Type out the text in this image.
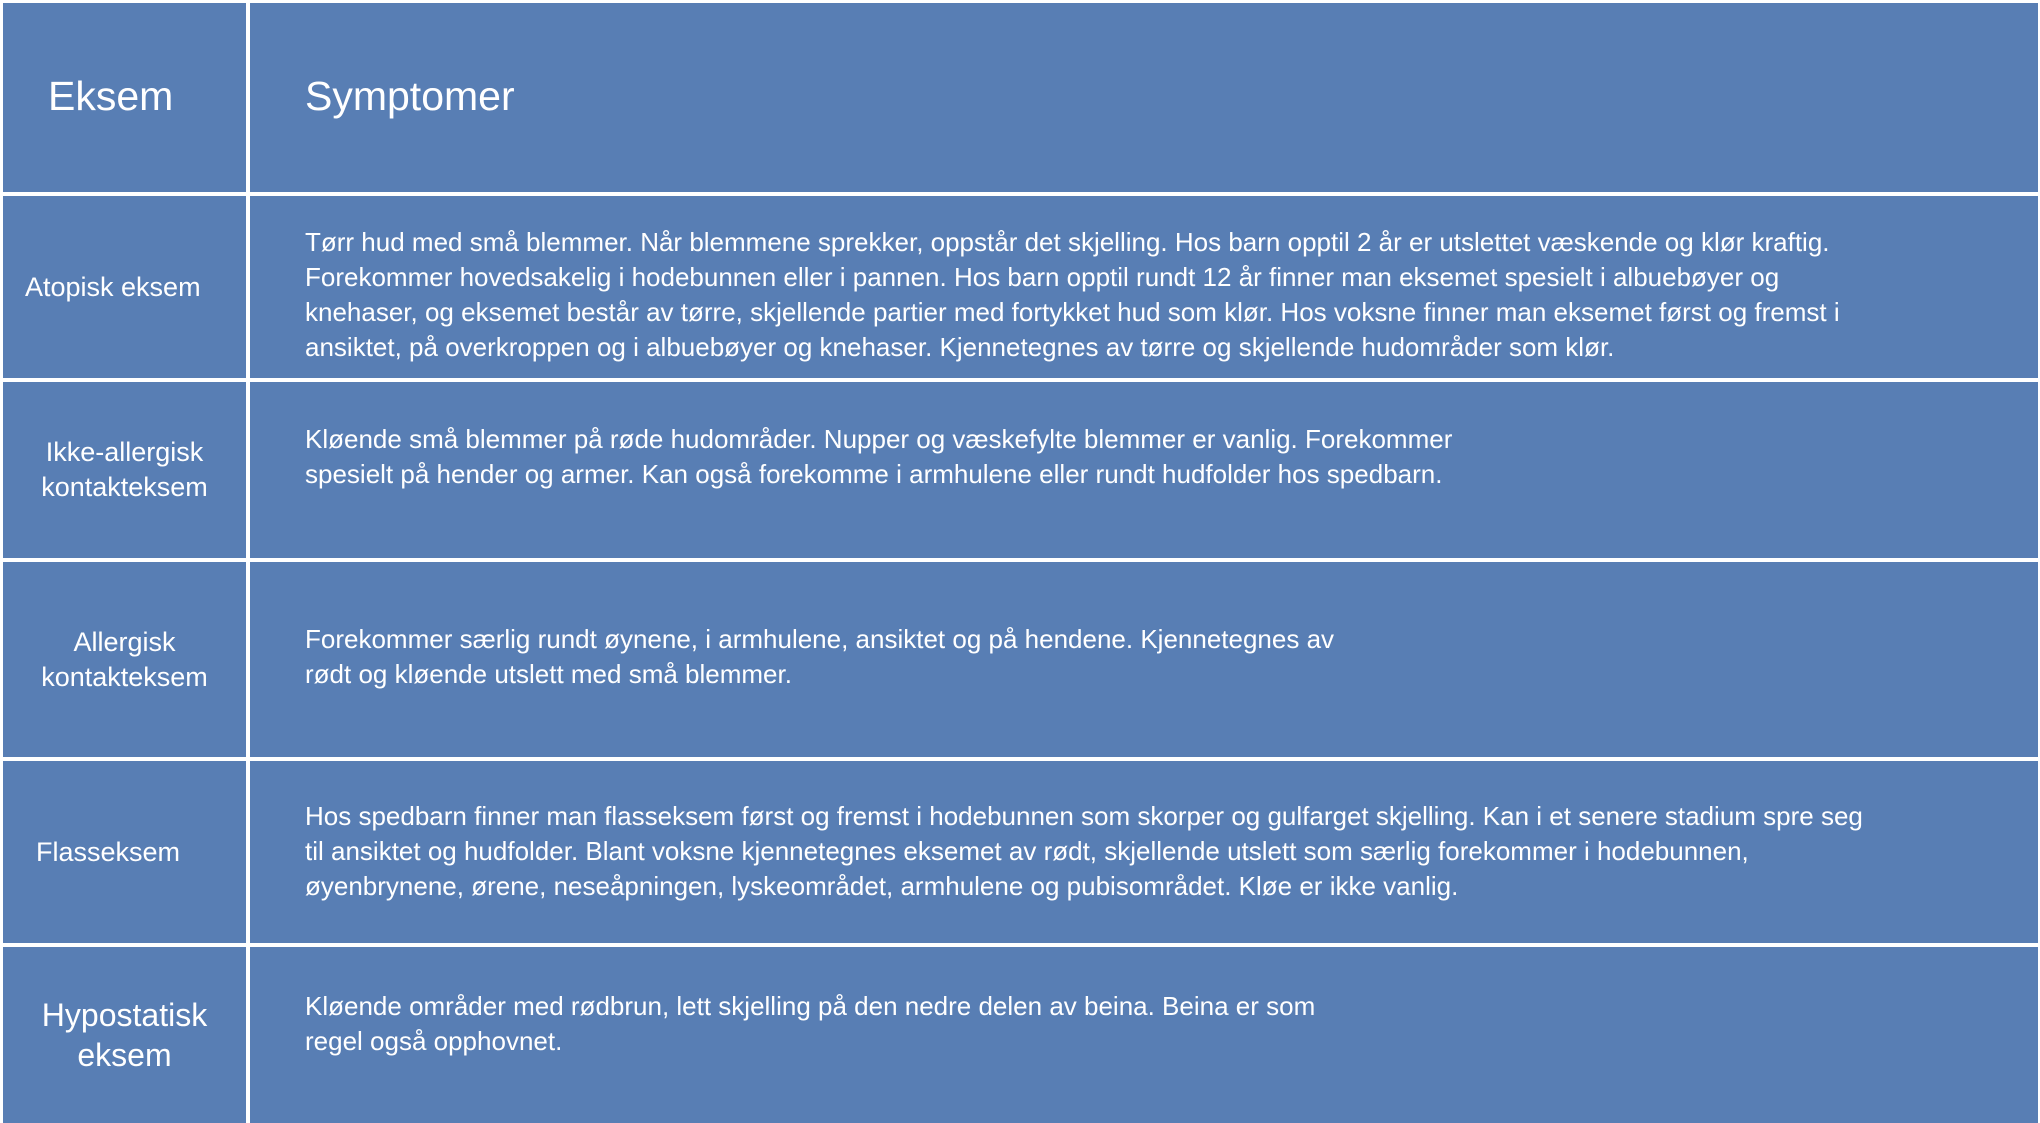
Eksem	Symptomer
Atopisk eksem
Tørr hud med små blemmer. Når blemmene sprekker, oppstår det skjelling. Hos barn opptil 2 år er utslettet væskende og klør kraftig.
Forekommer hovedsakelig i hodebunnen eller i pannen. Hos barn opptil rundt 12 år finner man eksemet spesielt i albuebøyer og
knehaser, og eksemet består av tørre, skjellende partier med fortykket hud som klør. Hos voksne finner man eksemet først og fremst i
ansiktet, på overkroppen og i albuebøyer og knehaser. Kjennetegnes av tørre og skjellende hudområder som klør.
Ikke-allergisk
kontakteksem
Kløende små blemmer på røde hudområder. Nupper og væskefylte blemmer er vanlig. Forekommer
spesielt på hender og armer. Kan også forekomme i armhulene eller rundt hudfolder hos spedbarn.
Allergisk
kontakteksem
Forekommer særlig rundt øynene, i armhulene, ansiktet og på hendene. Kjennetegnes av
rødt og kløende utslett med små blemmer.
Flasseksem
Hos spedbarn finner man flasseksem først og fremst i hodebunnen som skorper og gulfarget skjelling. Kan i et senere stadium spre seg
til ansiktet og hudfolder. Blant voksne kjennetegnes eksemet av rødt, skjellende utslett som særlig forekommer i hodebunnen,
øyenbrynene, ørene, neseåpningen, lyskeområdet, armhulene og pubisområdet. Kløe er ikke vanlig.
Hypostatisk
eksem
Kløende områder med rødbrun, lett skjelling på den nedre delen av beina. Beina er som
regel også opphovnet.
